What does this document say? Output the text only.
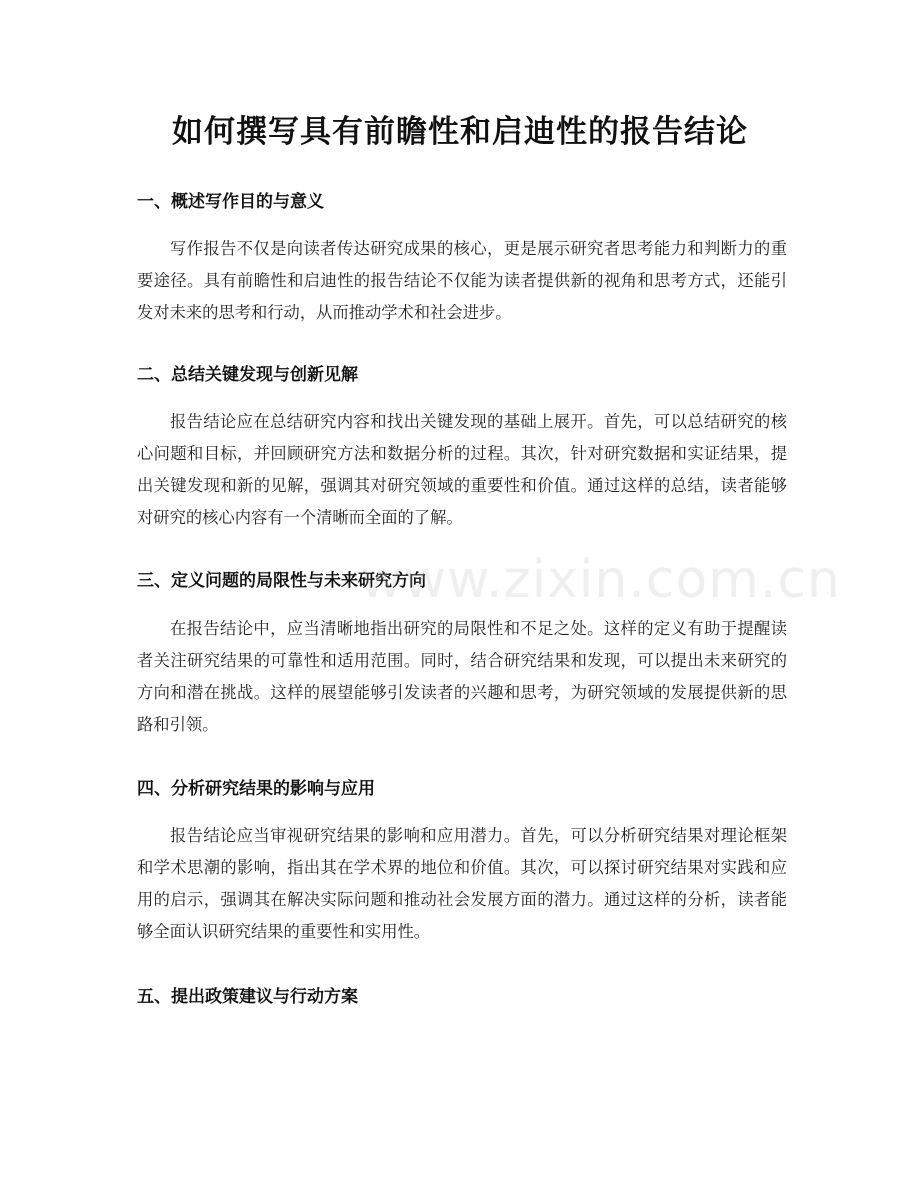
如何撰写具有前瞻性和启迪性的报告结论
一、概述写作目的与意义

写作报告不仅是向读者传达研究成果的核心，更是展示研究者思考能力和判断力的重要途径。具有前瞻性和启迪性的报告结论不仅能为读者提供新的视角和思考方式，还能引发对未来的思考和行动，从而推动学术和社会进步。

二、总结关键发现与创新见解

报告结论应在总结研究内容和找出关键发现的基础上展开。首先，可以总结研究的核心问题和目标，并回顾研究方法和数据分析的过程。其次，针对研究数据和实证结果，提出关键发现和新的见解，强调其对研究领域的重要性和价值。通过这样的总结，读者能够对研究的核心内容有一个清晰而全面的了解。

三、定义问题的局限性与未来研究方向

在报告结论中，应当清晰地指出研究的局限性和不足之处。这样的定义有助于提醒读者关注研究结果的可靠性和适用范围。同时，结合研究结果和发现，可以提出未来研究的方向和潜在挑战。这样的展望能够引发读者的兴趣和思考，为研究领域的发展提供新的思路和引领。

四、分析研究结果的影响与应用

报告结论应当审视研究结果的影响和应用潜力。首先，可以分析研究结果对理论框架和学术思潮的影响，指出其在学术界的地位和价值。其次，可以探讨研究结果对实践和应用的启示，强调其在解决实际问题和推动社会发展方面的潜力。通过这样的分析，读者能够全面认识研究结果的重要性和实用性。

五、提出政策建议与行动方案
www.zixin.com.cn
